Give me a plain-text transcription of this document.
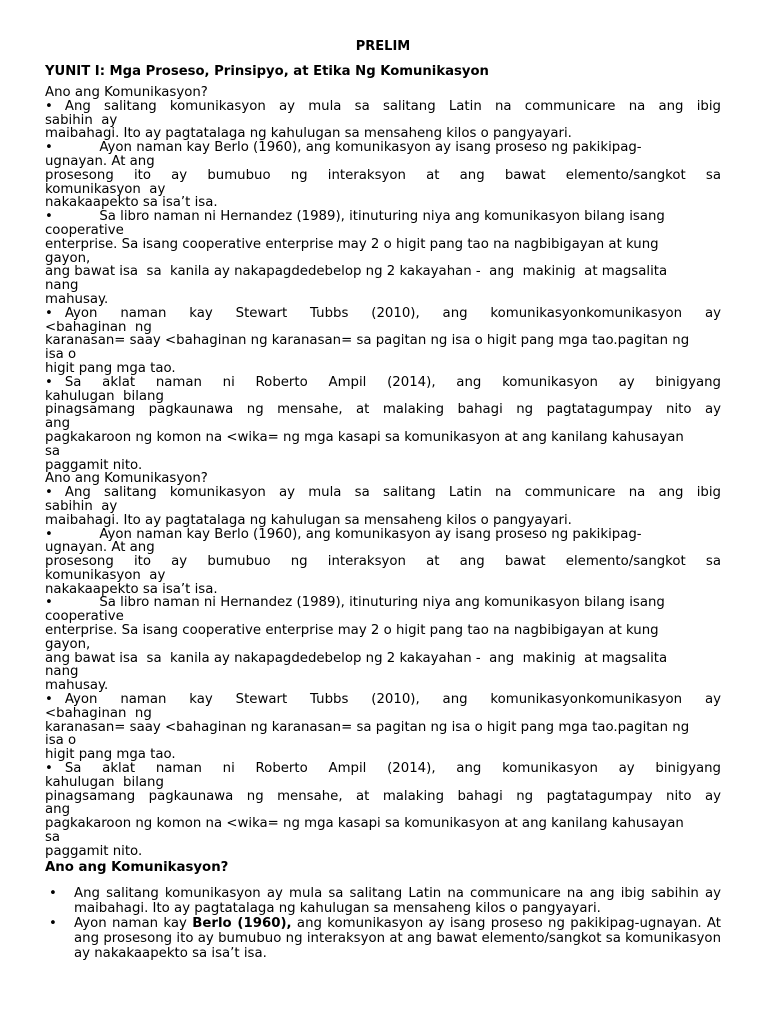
PRELIM
YUNIT I: Mga Proseso, Prinsipyo, at Etika Ng Komunikasyon
Ano ang Komunikasyon?
• Ang salitang komunikasyon ay mula sa salitang Latin na communicare na ang ibig
sabihin  ay
maibahagi. Ito ay pagtatalaga ng kahulugan sa mensaheng kilos o pangyayari.
•           Ayon naman kay Berlo (1960), ang komunikasyon ay isang proseso ng pakikipag-
ugnayan. At ang
prosesong ito ay bumubuo ng interaksyon at ang bawat elemento/sangkot sa
komunikasyon  ay
nakakaapekto sa isa’t isa.
•           Sa libro naman ni Hernandez (1989), itinuturing niya ang komunikasyon bilang isang
cooperative
enterprise. Sa isang cooperative enterprise may 2 o higit pang tao na nagbibigayan at kung
gayon,
ang bawat isa  sa  kanila ay nakapagdedebelop ng 2 kakayahan -  ang  makinig  at magsalita
nang
mahusay.
• Ayon naman kay Stewart Tubbs (2010), ang komunikasyonkomunikasyon ay
<bahaginan  ng
karanasan= saay <bahaginan ng karanasan= sa pagitan ng isa o higit pang mga tao.pagitan ng
isa o
higit pang mga tao.
• Sa aklat naman ni Roberto Ampil (2014), ang komunikasyon ay binigyang
kahulugan  bilang
pinagsamang pagkaunawa ng mensahe, at malaking bahagi ng pagtatagumpay nito ay
ang
pagkakaroon ng komon na <wika= ng mga kasapi sa komunikasyon at ang kanilang kahusayan
sa
paggamit nito.
Ano ang Komunikasyon?
• Ang salitang komunikasyon ay mula sa salitang Latin na communicare na ang ibig
sabihin  ay
maibahagi. Ito ay pagtatalaga ng kahulugan sa mensaheng kilos o pangyayari.
•           Ayon naman kay Berlo (1960), ang komunikasyon ay isang proseso ng pakikipag-
ugnayan. At ang
prosesong ito ay bumubuo ng interaksyon at ang bawat elemento/sangkot sa
komunikasyon  ay
nakakaapekto sa isa’t isa.
•           Sa libro naman ni Hernandez (1989), itinuturing niya ang komunikasyon bilang isang
cooperative
enterprise. Sa isang cooperative enterprise may 2 o higit pang tao na nagbibigayan at kung
gayon,
ang bawat isa  sa  kanila ay nakapagdedebelop ng 2 kakayahan -  ang  makinig  at magsalita
nang
mahusay.
• Ayon naman kay Stewart Tubbs (2010), ang komunikasyonkomunikasyon ay
<bahaginan  ng
karanasan= saay <bahaginan ng karanasan= sa pagitan ng isa o higit pang mga tao.pagitan ng
isa o
higit pang mga tao.
• Sa aklat naman ni Roberto Ampil (2014), ang komunikasyon ay binigyang
kahulugan  bilang
pinagsamang pagkaunawa ng mensahe, at malaking bahagi ng pagtatagumpay nito ay
ang
pagkakaroon ng komon na <wika= ng mga kasapi sa komunikasyon at ang kanilang kahusayan
sa
paggamit nito.
Ano ang Komunikasyon?
• Ang salitang komunikasyon ay mula sa salitang Latin na communicare na ang ibig sabihin ay maibahagi. Ito ay pagtatalaga ng kahulugan sa mensaheng kilos o pangyayari.
• Ayon naman kay Berlo (1960), ang komunikasyon ay isang proseso ng pakikipag-ugnayan. At ang prosesong ito ay bumubuo ng interaksyon at ang bawat elemento/sangkot sa komunikasyon ay nakakaapekto sa isa’t isa.
